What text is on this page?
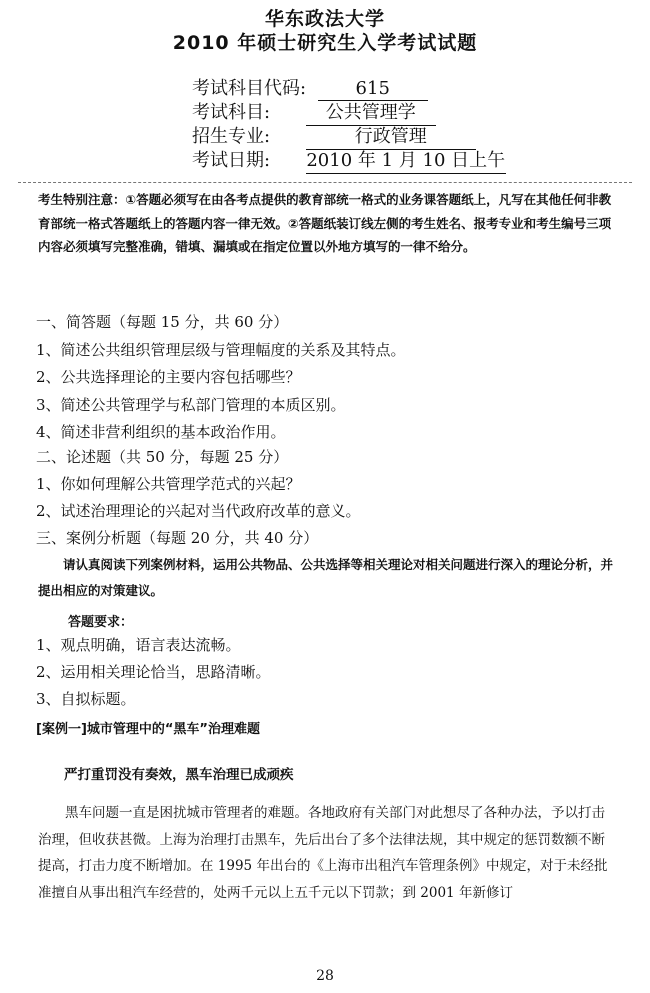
华东政法大学
2010 年硕士研究生入学考试试题
考试科目代码:	615
考试科目:	公共管理学
招生专业:	行政管理
考试日期: 2010 年 1 月 10 日上午
考生特别注意：①答题必须写在由各考点提供的教育部统一格式的业务课答题纸上，凡写在其他任何非教育部统一格式答题纸上的答题内容一律无效。②答题纸装订线左侧的考生姓名、报考专业和考生编号三项内容必须填写完整准确，错填、漏填或在指定位置以外地方填写的一律不给分。
一、简答题（每题 15 分，共 60 分）
1、简述公共组织管理层级与管理幅度的关系及其特点。
2、公共选择理论的主要内容包括哪些？
3、简述公共管理学与私部门管理的本质区别。
4、简述非营利组织的基本政治作用。
二、论述题（共 50 分，每题 25 分）
1、你如何理解公共管理学范式的兴起？
2、试述治理理论的兴起对当代政府改革的意义。
三、案例分析题（每题 20 分，共 40 分）
请认真阅读下列案例材料，运用公共物品、公共选择等相关理论对相关问题进行深入的理论分析，并提出相应的对策建议。
答题要求：
1、观点明确，语言表达流畅。
2、运用相关理论恰当，思路清晰。
3、自拟标题。
[案例一]城市管理中的“黑车”治理难题
严打重罚没有奏效，黑车治理已成顽疾
黑车问题一直是困扰城市管理者的难题。各地政府有关部门对此想尽了各种办法，予以打击治理，但收获甚微。上海为治理打击黑车，先后出台了多个法律法规，其中规定的惩罚数额不断提高，打击力度不断增加。在 1995 年出台的《上海市出租汽车管理条例》中规定，对于未经批准擅自从事出租汽车经营的，处两千元以上五千元以下罚款；到 2001 年新修订
28
